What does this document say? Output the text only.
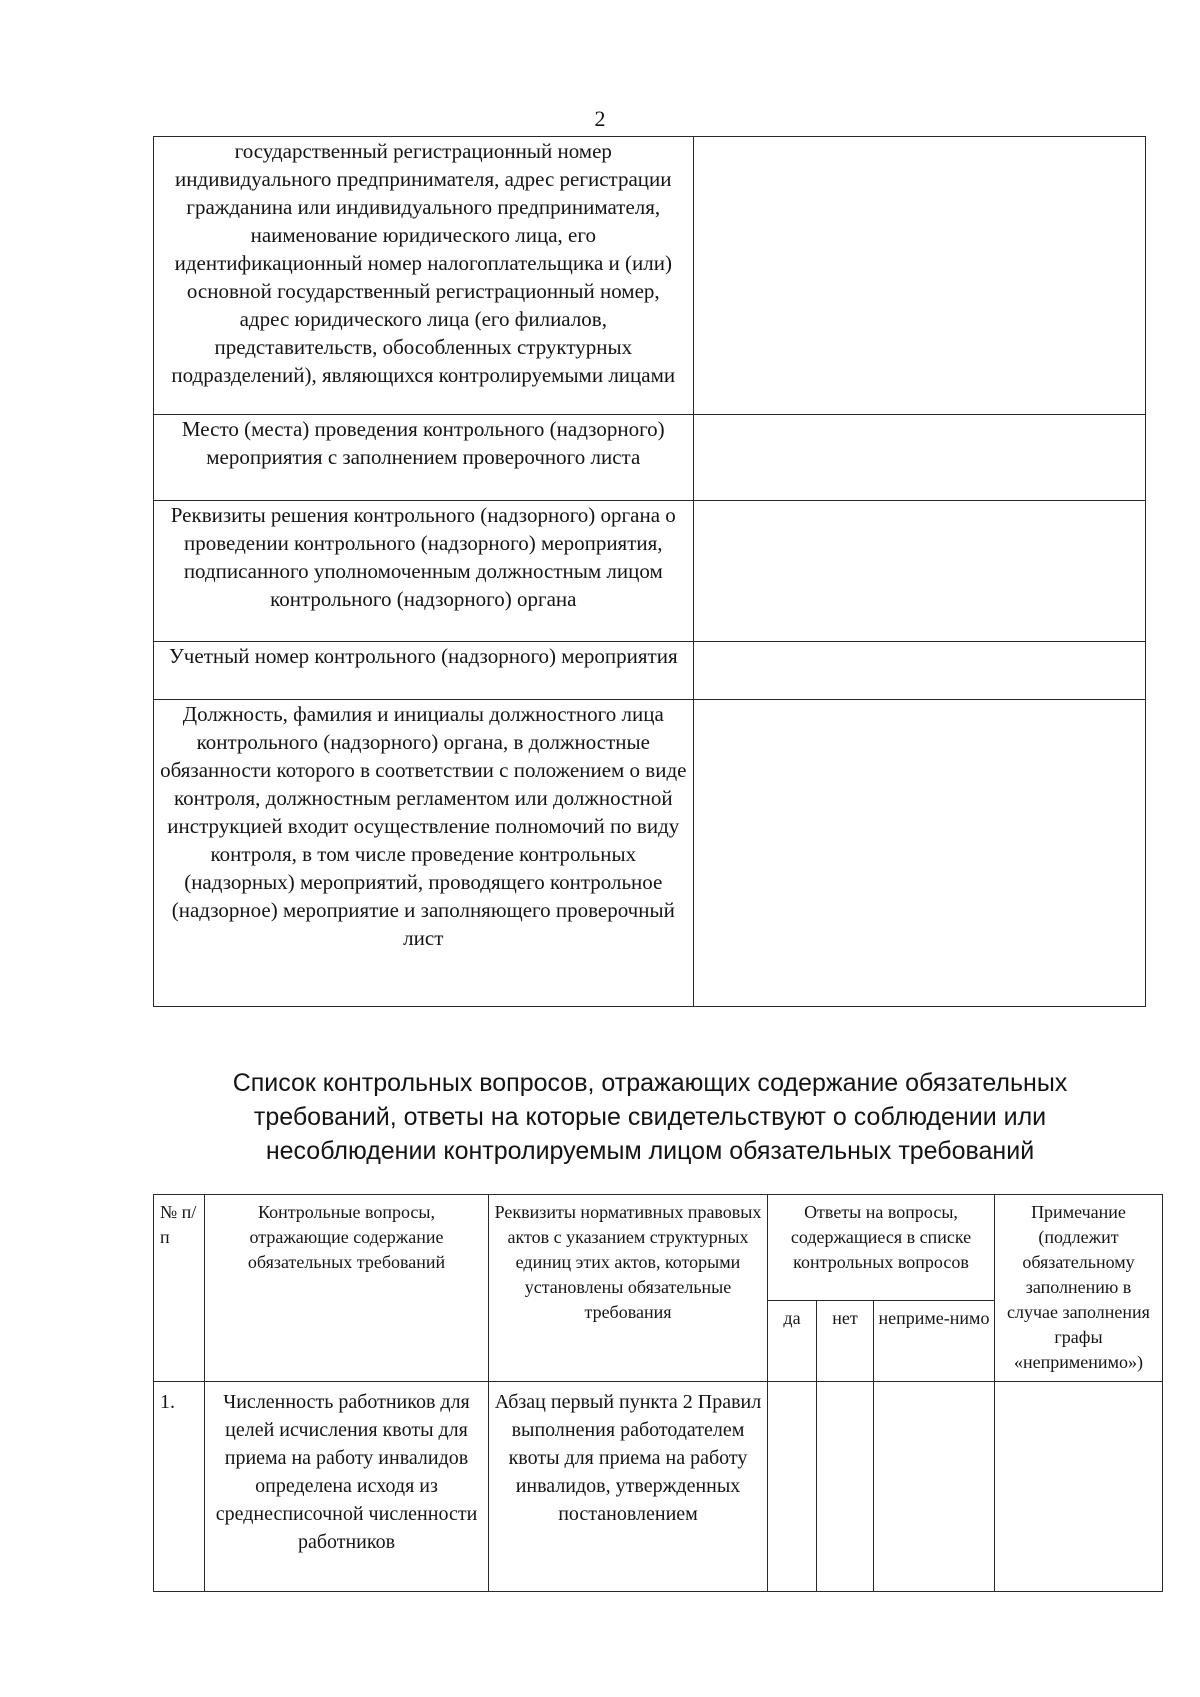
2
государственный регистрационный номер индивидуального предпринимателя, адрес регистрации гражданина или индивидуального предпринимателя, наименование юридического лица, его идентификационный номер налогоплательщика и (или) основной государственный регистрационный номер, адрес юридического лица (его филиалов, представительств, обособленных структурных подразделений), являющихся контролируемыми лицами	
Место (места) проведения контрольного (надзорного) мероприятия с заполнением проверочного листа	
Реквизиты решения контрольного (надзорного) органа о проведении контрольного (надзорного) мероприятия, подписанного уполномоченным должностным лицом контрольного (надзорного) органа	
Учетный номер контрольного (надзорного) мероприятия	
Должность, фамилия и инициалы должностного лица контрольного (надзорного) органа, в должностные обязанности которого в соответствии с положением о виде контроля, должностным регламентом или должностной инструкцией входит осуществление полномочий по виду контроля, в том числе проведение контрольных (надзорных) мероприятий, проводящего контрольное (надзорное) мероприятие и заполняющего проверочный лист	
Список контрольных вопросов, отражающих содержание обязательных
требований, ответы на которые свидетельствуют о соблюдении или
несоблюдении контролируемым лицом обязательных требований
№ п/п	Контрольные вопросы, отражающие содержание обязательных требований	Реквизиты нормативных правовых актов с указанием структурных единиц этих актов, которыми установлены обязательные требования	Ответы на вопросы, содержащиеся в списке контрольных вопросов			Примечание (подлежит обязательному заполнению в случае заполнения графы «неприменимо»)
			да	нет	неприме-нимо	
1.	Численность работников для целей исчисления квоты для приема на работу инвалидов определена исходя из среднесписочной численности работников	Абзац первый пункта 2 Правил выполнения работодателем квоты для приема на работу инвалидов, утвержденных постановлением				
